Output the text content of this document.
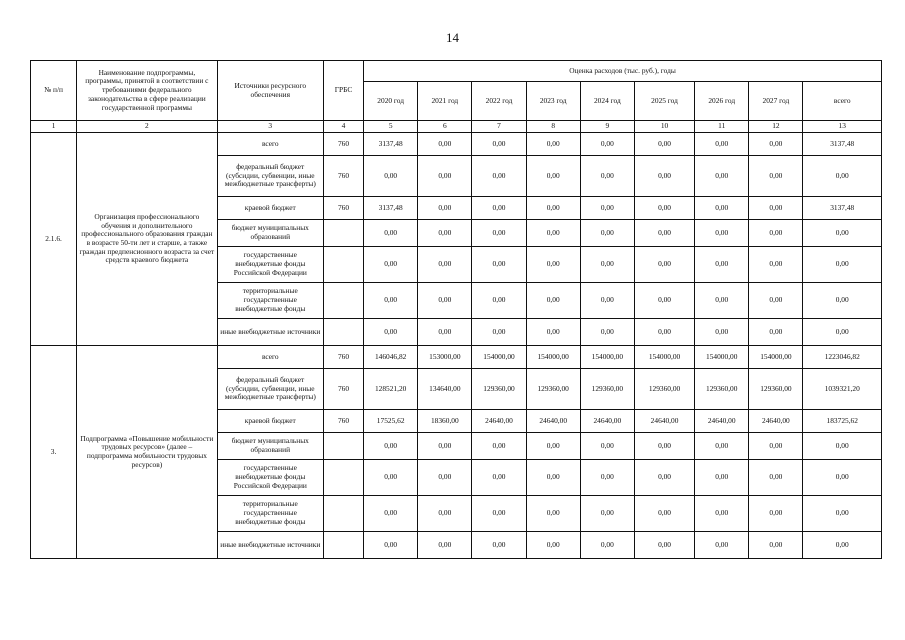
14
№ п/п	Наименование подпрограммы, программы, принятой в соответствии с требованиями федерального законодательства в сфере реализации государственной программы	Источники ресурсного обеспечения	ГРБС	Оценка расходов (тыс. руб.), годы								
				2020 год	2021 год	2022 год	2023 год	2024 год	2025 год	2026 год	2027 год	всего
1	2	3	4	5	6	7	8	9	10	11	12	13
2.1.6.	Организация профессионального обучения и дополнительного профессионального образования граждан в возрасте 50-ти лет и старше, а также граждан предпенсионного возраста за счет средств краевого бюджета	всего	760	3137,48	0,00	0,00	0,00	0,00	0,00	0,00	0,00	3137,48
		федеральный бюджет (субсидии, субвенции, иные межбюджетные трансферты)	760	0,00	0,00	0,00	0,00	0,00	0,00	0,00	0,00	0,00
		краевой бюджет	760	3137,48	0,00	0,00	0,00	0,00	0,00	0,00	0,00	3137,48
		бюджет муниципальных образований		0,00	0,00	0,00	0,00	0,00	0,00	0,00	0,00	0,00
		государственные внебюджетные фонды Российской Федерации		0,00	0,00	0,00	0,00	0,00	0,00	0,00	0,00	0,00
		территориальные государственные внебюджетные фонды		0,00	0,00	0,00	0,00	0,00	0,00	0,00	0,00	0,00
		иные внебюджетные источники		0,00	0,00	0,00	0,00	0,00	0,00	0,00	0,00	0,00
3.	Подпрограмма «Повышение мобильности трудовых ресурсов» (далее – подпрограмма мобильности трудовых ресурсов)	всего	760	146046,82	153000,00	154000,00	154000,00	154000,00	154000,00	154000,00	154000,00	1223046,82
		федеральный бюджет (субсидии, субвенции, иные межбюджетные трансферты)	760	128521,20	134640,00	129360,00	129360,00	129360,00	129360,00	129360,00	129360,00	1039321,20
		краевой бюджет	760	17525,62	18360,00	24640,00	24640,00	24640,00	24640,00	24640,00	24640,00	183725,62
		бюджет муниципальных образований		0,00	0,00	0,00	0,00	0,00	0,00	0,00	0,00	0,00
		государственные внебюджетные фонды Российской Федерации		0,00	0,00	0,00	0,00	0,00	0,00	0,00	0,00	0,00
		территориальные государственные внебюджетные фонды		0,00	0,00	0,00	0,00	0,00	0,00	0,00	0,00	0,00
		иные внебюджетные источники		0,00	0,00	0,00	0,00	0,00	0,00	0,00	0,00	0,00
